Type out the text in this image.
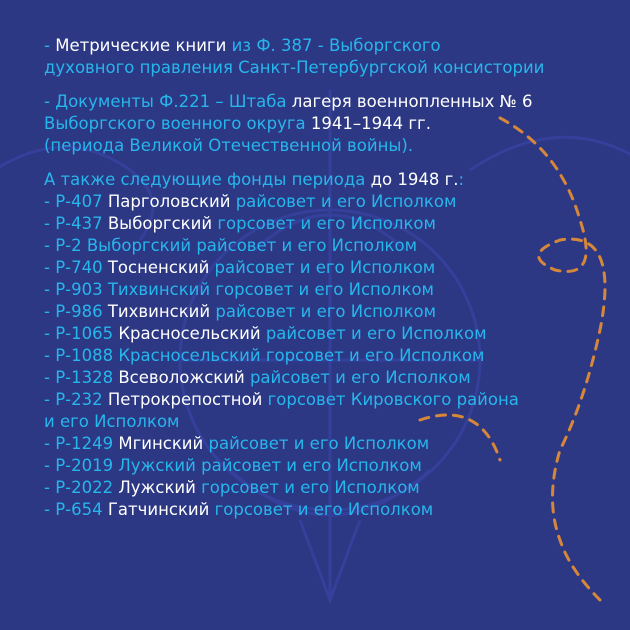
- Метрические книги из Ф. 387 - Выборгского
духовного правления Санкт-Петербургской консистории
- Документы Ф.221 – Штаба лагеря военнопленных № 6
Выборгского военного округа 1941–1944 гг.
(периода Великой Отечественной войны).
А также следующие фонды периода до 1948 г.:
- Р-407 Парголовский райсовет и его Исполком
- Р-437 Выборгский горсовет и его Исполком
- Р-2 Выборгский райсовет и его Исполком
- Р-740 Тосненский райсовет и его Исполком
- Р-903 Тихвинский горсовет и его Исполком
- Р-986 Тихвинский райсовет и его Исполком
- Р-1065 Красносельский райсовет и его Исполком
- Р-1088 Красносельский горсовет и его Исполком
- Р-1328 Всеволожский райсовет и его Исполком
- Р-232 Петрокрепостной горсовет Кировского района
и его Исполком
- Р-1249 Мгинский райсовет и его Исполком
- Р-2019 Лужский райсовет и его Исполком
- Р-2022 Лужский горсовет и его Исполком
- Р-654 Гатчинский горсовет и его Исполком
